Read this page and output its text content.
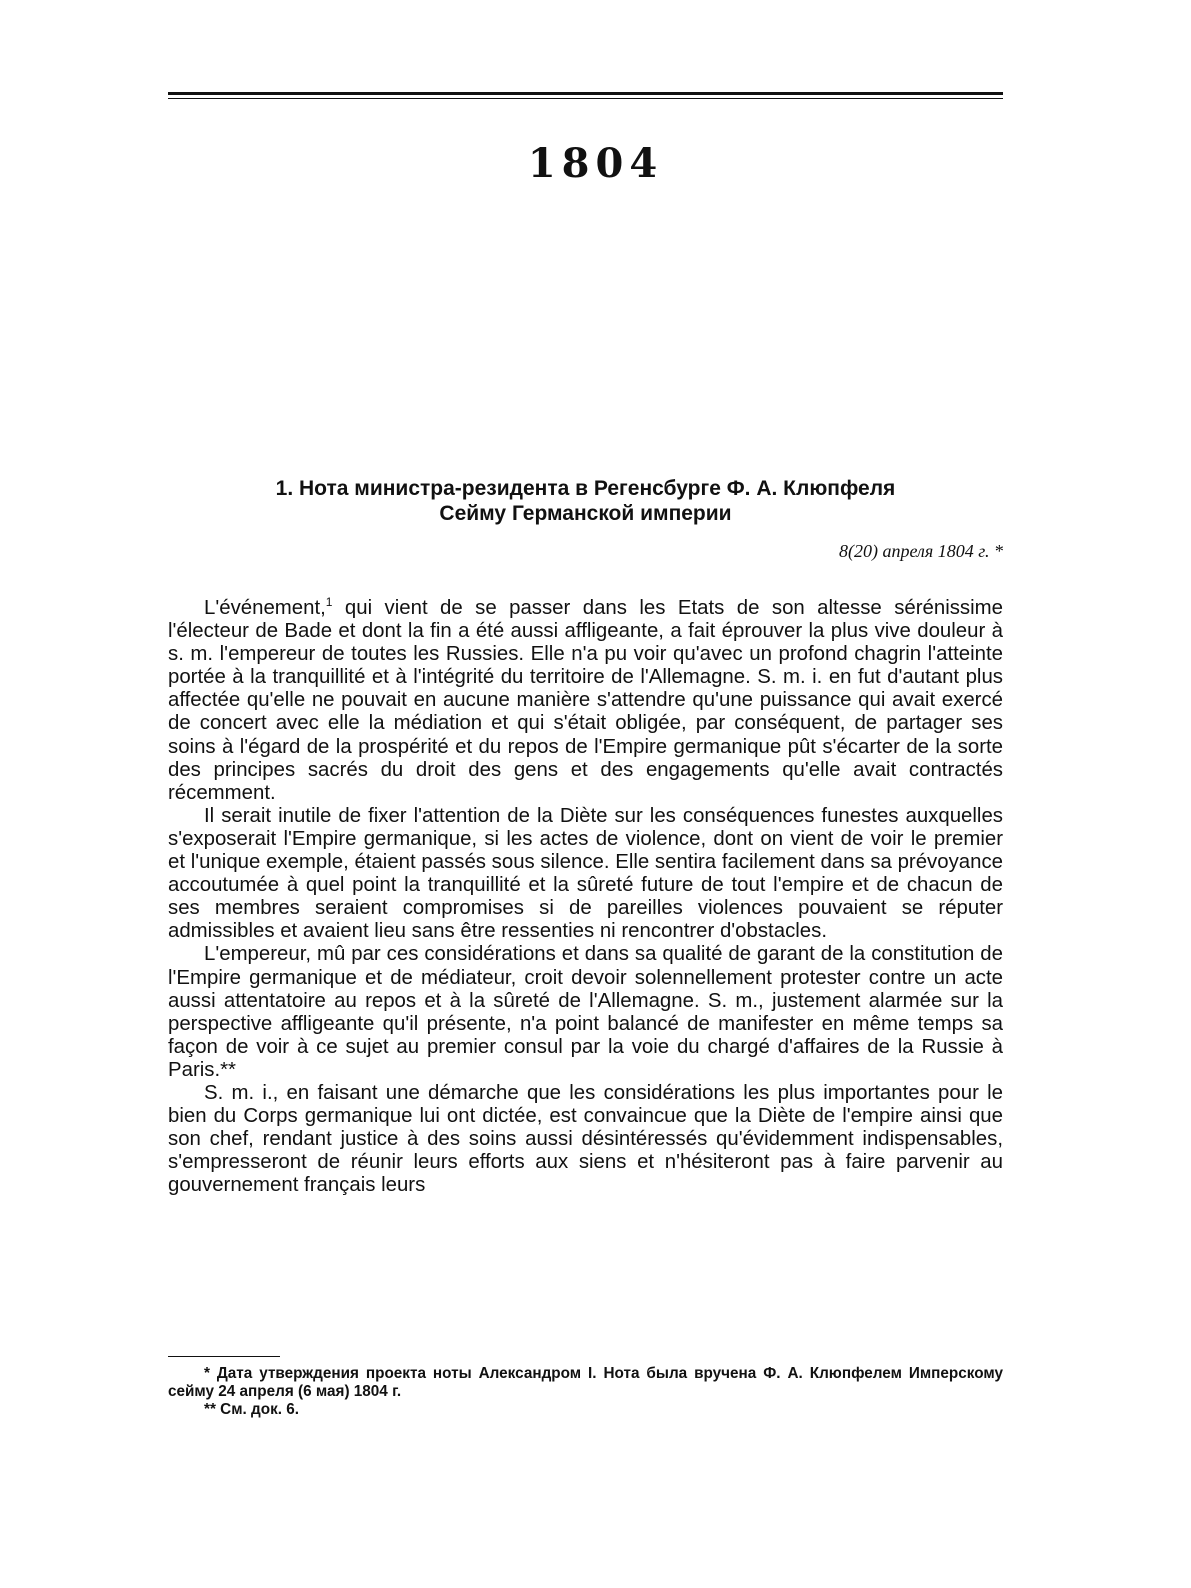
1804
1. Нота министра-резидента в Регенсбурге Ф. А. Клюпфеля
Сейму Германской империи
8(20) апреля 1804 г. *

L'événement,$^1$ qui vient de se passer dans les Etats de son altesse sérénissime l'électeur de Bade et dont la fin a été aussi affligeante, a fait éprouver la plus vive douleur à s. m. l'empereur de toutes les Russies. Elle n'a pu voir qu'avec un profond chagrin l'atteinte portée à la tranquillité et à l'intégrité du territoire de l'Allemagne. S. m. i. en fut d'autant plus affectée qu'elle ne pouvait en aucune manière s'attendre qu'une puissance qui avait exercé de concert avec elle la médiation et qui s'était obligée, par conséquent, de partager ses soins à l'égard de la prospérité et du repos de l'Empire germanique pût s'écarter de la sorte des principes sacrés du droit des gens et des engagements qu'elle avait contractés récemment.

Il serait inutile de fixer l'attention de la Diète sur les conséquences funestes auxquelles s'exposerait l'Empire germanique, si les actes de violence, dont on vient de voir le premier et l'unique exemple, étaient passés sous silence. Elle sentira facilement dans sa prévoyance accoutumée à quel point la tranquillité et la sûreté future de tout l'empire et de chacun de ses membres seraient compromises si de pareilles violences pouvaient se réputer admissibles et avaient lieu sans être ressenties ni rencontrer d'obstacles.

L'empereur, mû par ces considérations et dans sa qualité de garant de la constitution de l'Empire germanique et de médiateur, croit devoir solennellement protester contre un acte aussi attentatoire au repos et à la sûreté de l'Allemagne. S. m., justement alarmée sur la perspective affligeante qu'il présente, n'a point balancé de manifester en même temps sa façon de voir à ce sujet au premier consul par la voie du chargé d'affaires de la Russie à Paris.**

S. m. i., en faisant une démarche que les considérations les plus importantes pour le bien du Corps germanique lui ont dictée, est convaincue que la Diète de l'empire ainsi que son chef, rendant justice à des soins aussi désintéressés qu'évidemment indispensables, s'empresseront de réunir leurs efforts aux siens et n'hésiteront pas à faire parvenir au gouvernement français leurs

* Дата утверждения проекта ноты Александром I. Нота была вручена Ф. А. Клюпфелем Имперскому сейму 24 апреля (6 мая) 1804 г.

** См. док. 6.
